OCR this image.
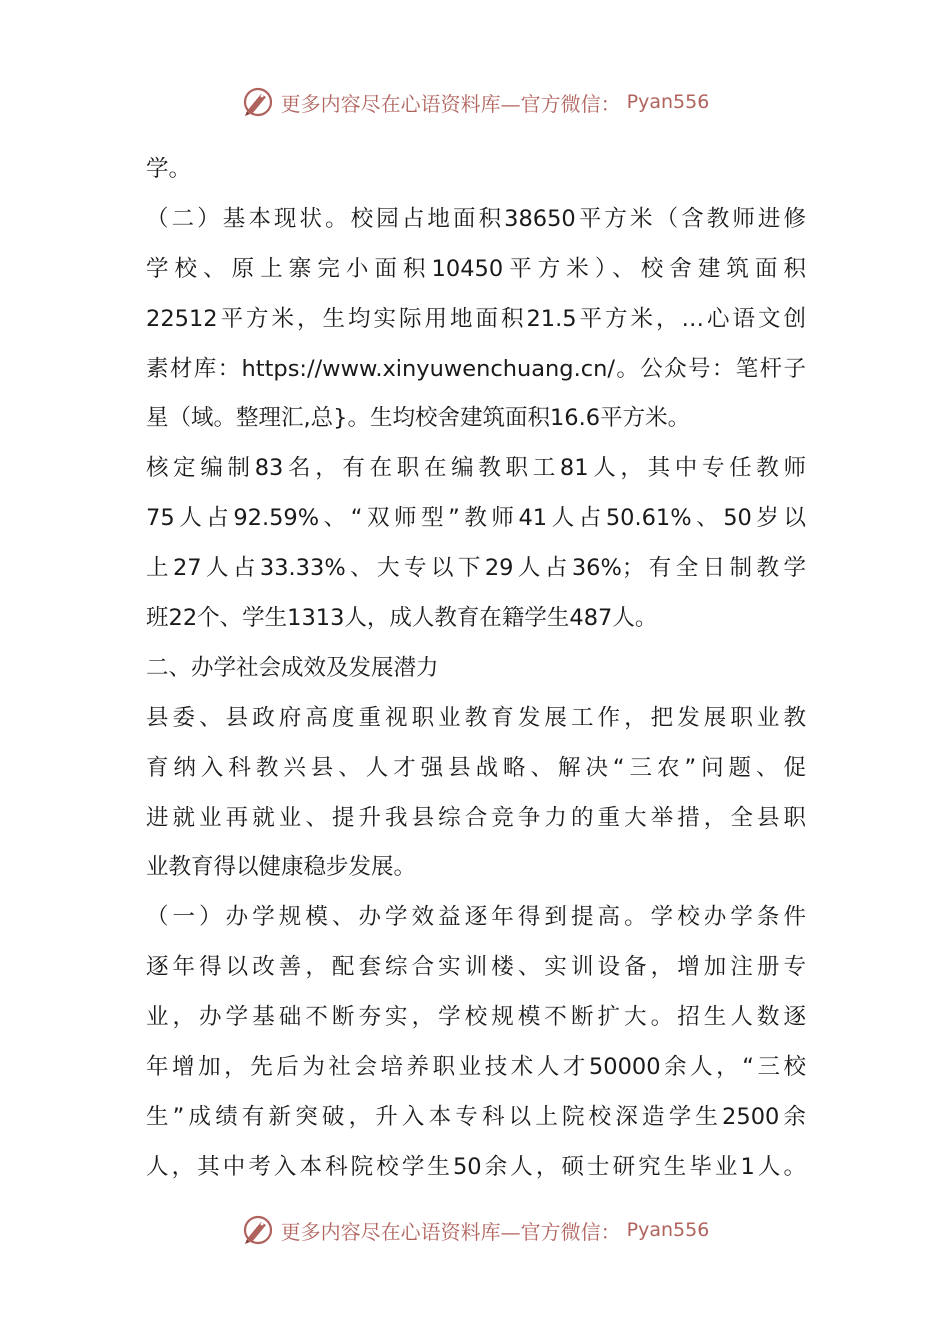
更多内容尽在心语资料库—官方微信： Pyan556
学。
（二）基本现状。校园占地面积38650平方米（含教师进修
学校、原上寨完小面积10450平方米）、校舍建筑面积
22512平方米，生均实际用地面积21.5平方米，…心语文创
素材库：https://www.xinyuwenchuang.cn/。公众号：笔杆子
星（域。整理汇,总}。生均校舍建筑面积16.6平方米。
核定编制83名，有在职在编教职工81人，其中专任教师
75人占92.59%、“双师型”教师41人占50.61%、50岁以
上27人占33.33%、大专以下29人占36%；有全日制教学
班22个、学生1313人，成人教育在籍学生487人。
二、办学社会成效及发展潜力
县委、县政府高度重视职业教育发展工作，把发展职业教
育纳入科教兴县、人才强县战略、解决“三农”问题、促
进就业再就业、提升我县综合竞争力的重大举措，全县职
业教育得以健康稳步发展。
（一）办学规模、办学效益逐年得到提高。学校办学条件
逐年得以改善，配套综合实训楼、实训设备，增加注册专
业，办学基础不断夯实，学校规模不断扩大。招生人数逐
年增加，先后为社会培养职业技术人才50000余人，“三校
生”成绩有新突破，升入本专科以上院校深造学生2500余
人，其中考入本科院校学生50余人，硕士研究生毕业1人。
更多内容尽在心语资料库—官方微信： Pyan556
